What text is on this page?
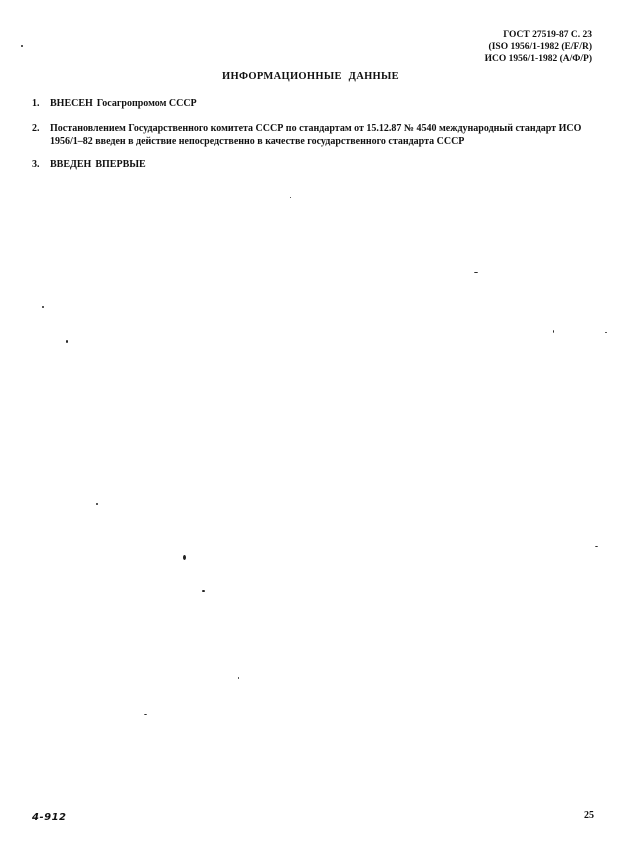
ГОСТ 27519-87 С. 23
(ISO 1956/1-1982 (E/F/R)
ИСО 1956/1-1982 (А/Ф/Р)
ИНФОРМАЦИОННЫЕ ДАННЫЕ
1. ВНЕСЕН Госагропромом СССР
2. Постановлением Государственного комитета СССР по стандартам от 15.12.87 № 4540 международный стандарт ИСО 1956/1–82 введен в действие непосредственно в качестве государственного стандарта СССР
3. ВВЕДЕН ВПЕРВЫЕ
4-912	25
